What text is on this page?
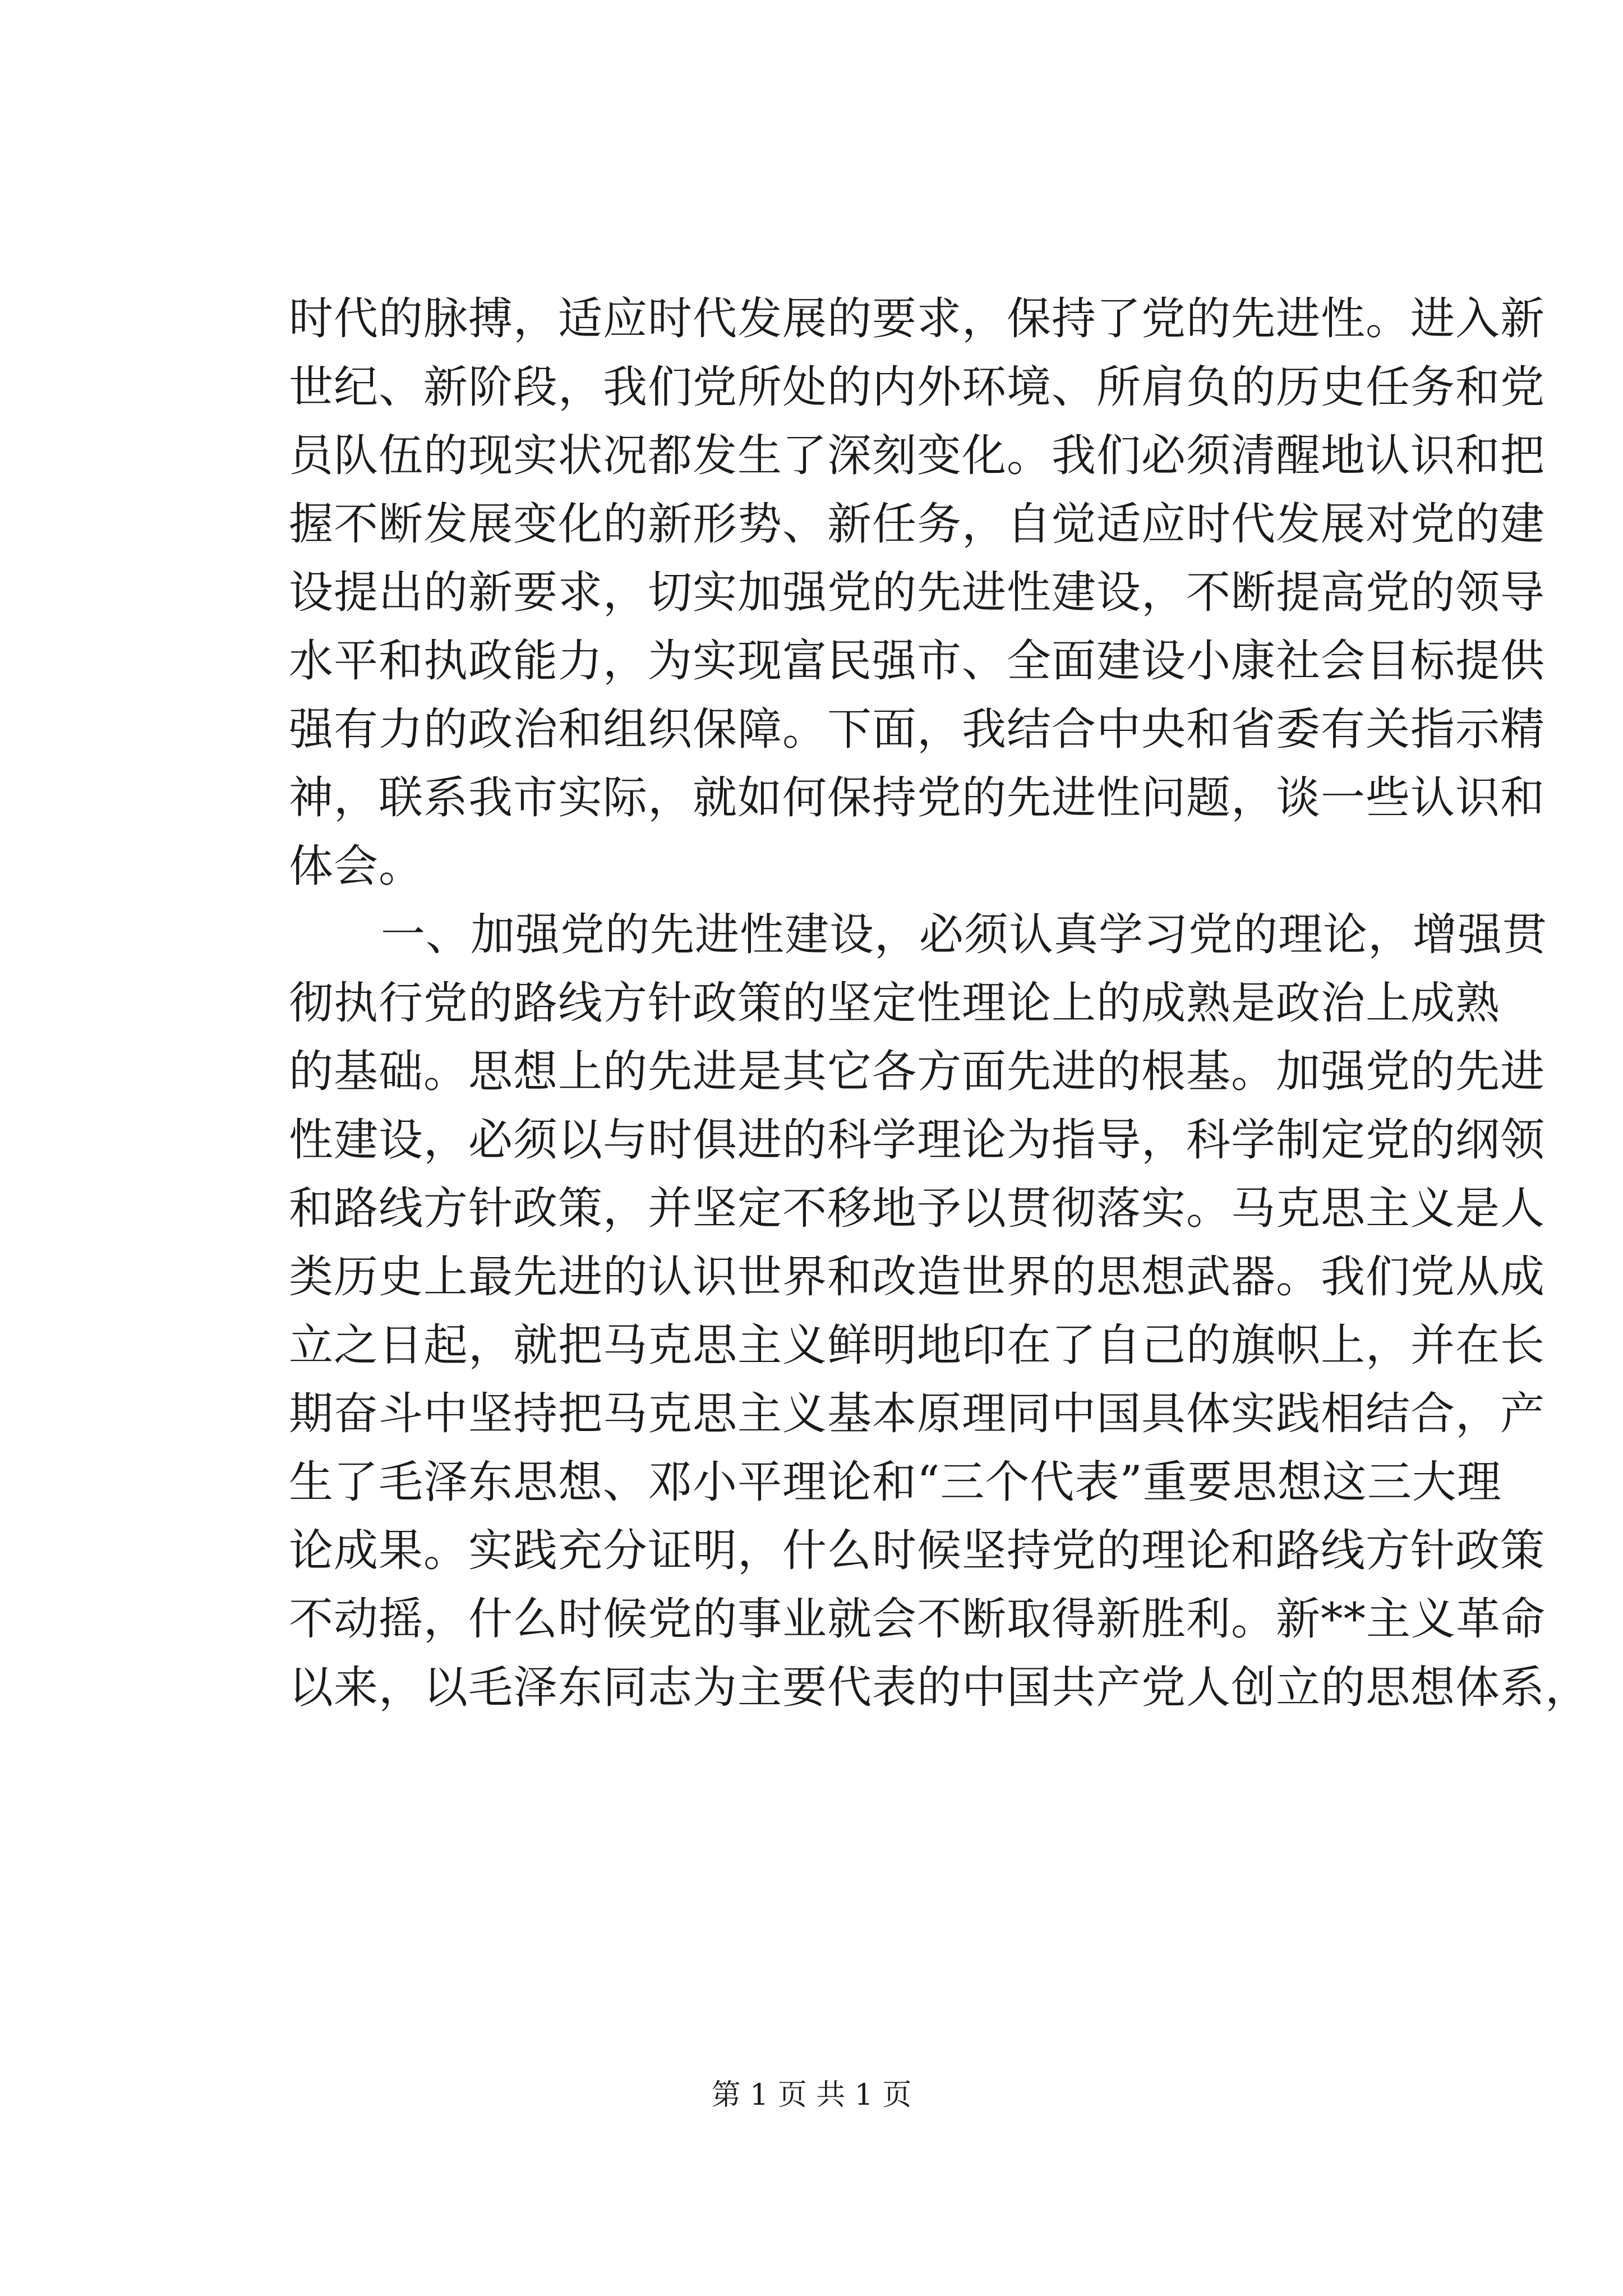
时代的脉搏，适应时代发展的要求，保持了党的先进性。进入新
世纪、新阶段，我们党所处的内外环境、所肩负的历史任务和党
员队伍的现实状况都发生了深刻变化。我们必须清醒地认识和把
握不断发展变化的新形势、新任务，自觉适应时代发展对党的建
设提出的新要求，切实加强党的先进性建设，不断提高党的领导
水平和执政能力，为实现富民强市、全面建设小康社会目标提供
强有力的政治和组织保障。下面，我结合中央和省委有关指示精
神，联系我市实际，就如何保持党的先进性问题，谈一些认识和
体会。
一、加强党的先进性建设，必须认真学习党的理论，增强贯
彻执行党的路线方针政策的坚定性理论上的成熟是政治上成熟
的基础。思想上的先进是其它各方面先进的根基。加强党的先进
性建设，必须以与时俱进的科学理论为指导，科学制定党的纲领
和路线方针政策，并坚定不移地予以贯彻落实。马克思主义是人
类历史上最先进的认识世界和改造世界的思想武器。我们党从成
立之日起，就把马克思主义鲜明地印在了自己的旗帜上，并在长
期奋斗中坚持把马克思主义基本原理同中国具体实践相结合，产
生了毛泽东思想、邓小平理论和“三个代表”重要思想这三大理
论成果。实践充分证明，什么时候坚持党的理论和路线方针政策
不动摇，什么时候党的事业就会不断取得新胜利。新**主义革命
以来，以毛泽东同志为主要代表的中国共产党人创立的思想体系，
第 1 页 共 1 页
